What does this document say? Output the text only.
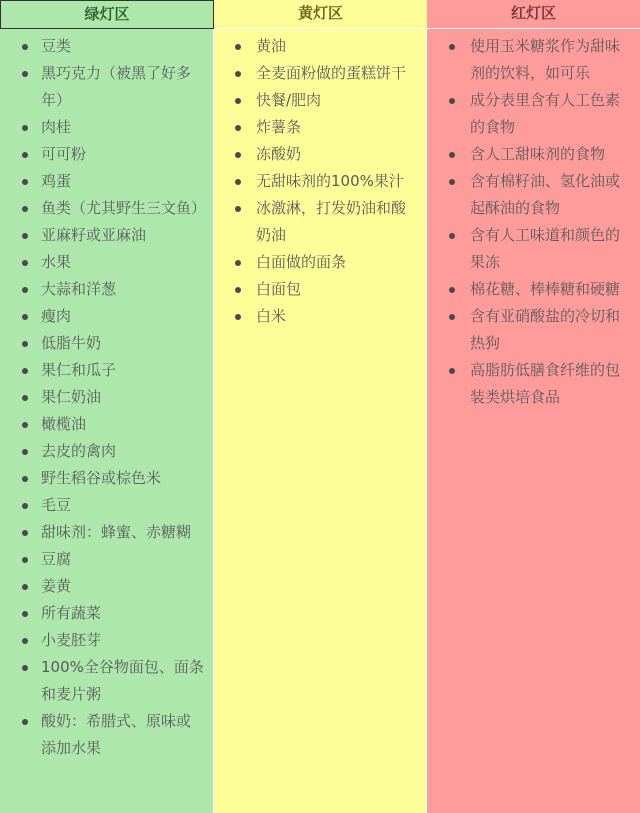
绿灯区
豆类
黑巧克力（被黑了好多年）
肉桂
可可粉
鸡蛋
鱼类（尤其野生三文鱼）
亚麻籽或亚麻油
水果
大蒜和洋葱
瘦肉
低脂牛奶
果仁和瓜子
果仁奶油
橄榄油
去皮的禽肉
野生稻谷或棕色米
毛豆
甜味剂：蜂蜜、赤糖糊
豆腐
姜黄
所有蔬菜
小麦胚芽
100%全谷物面包、面条和麦片粥
酸奶：希腊式、原味或添加水果
黄灯区
黄油
全麦面粉做的蛋糕饼干
快餐/肥肉
炸薯条
冻酸奶
无甜味剂的100%果汁
冰激淋，打发奶油和酸奶油
白面做的面条
白面包
白米
红灯区
使用玉米糖浆作为甜味剂的饮料，如可乐
成分表里含有人工色素的食物
含人工甜味剂的食物
含有棉籽油、氢化油或起酥油的食物
含有人工味道和颜色的果冻
棉花糖、棒棒糖和硬糖
含有亚硝酸盐的冷切和热狗
高脂肪低膳食纤维的包装类烘培食品
